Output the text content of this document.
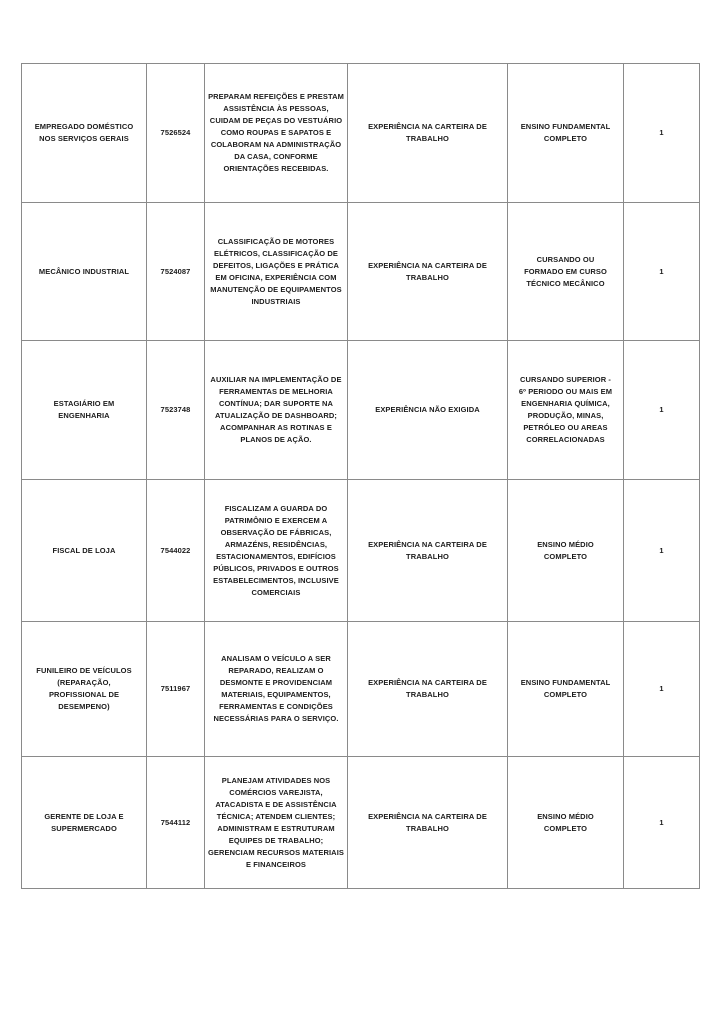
EMPREGADO DOMÉSTICO NOS SERVIÇOS GERAIS	7526524	PREPARAM REFEIÇÕES E PRESTAM ASSISTÊNCIA ÀS PESSOAS, CUIDAM DE PEÇAS DO VESTUÁRIO COMO ROUPAS E SAPATOS E COLABORAM NA ADMINISTRAÇÃO DA CASA, CONFORME ORIENTAÇÕES RECEBIDAS.	EXPERIÊNCIA NA CARTEIRA DE TRABALHO	ENSINO FUNDAMENTAL COMPLETO	1
MECÂNICO INDUSTRIAL	7524087	CLASSIFICAÇÃO DE MOTORES ELÉTRICOS, CLASSIFICAÇÃO DE DEFEITOS, LIGAÇÕES E PRÁTICA EM OFICINA, EXPERIÊNCIA COM MANUTENÇÃO DE EQUIPAMENTOS INDUSTRIAIS	EXPERIÊNCIA NA CARTEIRA DE TRABALHO	CURSANDO OU FORMADO EM CURSO TÉCNICO MECÂNICO	1
ESTAGIÁRIO EM ENGENHARIA	7523748	AUXILIAR NA IMPLEMENTAÇÃO DE FERRAMENTAS DE MELHORIA CONTÍNUA; DAR SUPORTE NA ATUALIZAÇÃO DE DASHBOARD; ACOMPANHAR AS ROTINAS E PLANOS DE AÇÃO.	EXPERIÊNCIA NÃO EXIGIDA	CURSANDO SUPERIOR - 6º PERIODO OU MAIS EM ENGENHARIA QUÍMICA, PRODUÇÃO, MINAS, PETRÓLEO OU AREAS CORRELACIONADAS	1
FISCAL DE LOJA	7544022	FISCALIZAM A GUARDA DO PATRIMÔNIO E EXERCEM A OBSERVAÇÃO DE FÁBRICAS, ARMAZÉNS, RESIDÊNCIAS, ESTACIONAMENTOS, EDIFÍCIOS PÚBLICOS, PRIVADOS E OUTROS ESTABELECIMENTOS, INCLUSIVE COMERCIAIS	EXPERIÊNCIA NA CARTEIRA DE TRABALHO	ENSINO MÉDIO COMPLETO	1
FUNILEIRO DE VEÍCULOS (REPARAÇÃO, PROFISSIONAL DE DESEMPENO)	7511967	ANALISAM O VEÍCULO A SER REPARADO, REALIZAM O DESMONTE E PROVIDENCIAM MATERIAIS, EQUIPAMENTOS, FERRAMENTAS E CONDIÇÕES NECESSÁRIAS PARA O SERVIÇO.	EXPERIÊNCIA NA CARTEIRA DE TRABALHO	ENSINO FUNDAMENTAL COMPLETO	1
GERENTE DE LOJA E SUPERMERCADO	7544112	PLANEJAM ATIVIDADES NOS COMÉRCIOS VAREJISTA, ATACADISTA E DE ASSISTÊNCIA TÉCNICA; ATENDEM CLIENTES; ADMINISTRAM E ESTRUTURAM EQUIPES DE TRABALHO; GERENCIAM RECURSOS MATERIAIS E FINANCEIROS	EXPERIÊNCIA NA CARTEIRA DE TRABALHO	ENSINO MÉDIO COMPLETO	1
